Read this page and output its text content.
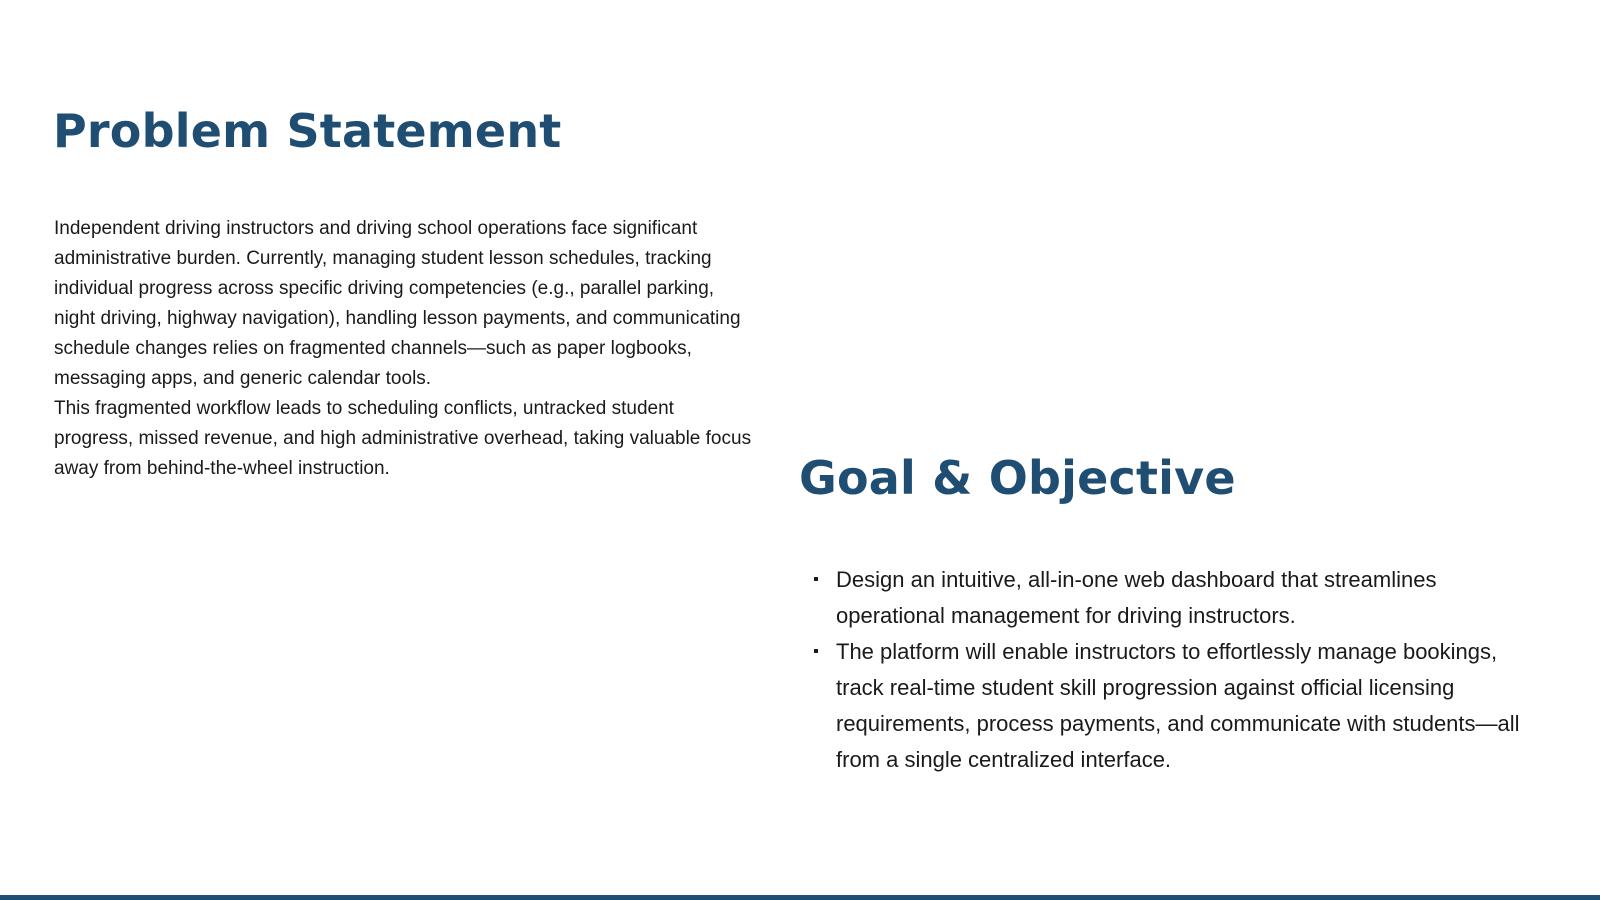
Problem Statement

Independent driving instructors and driving school operations face significant administrative burden. Currently, managing student lesson schedules, tracking individual progress across specific driving competencies (e.g., parallel parking, night driving, highway navigation), handling lesson payments, and communicating schedule changes relies on fragmented channels—such as paper logbooks, messaging apps, and generic calendar tools.

This fragmented workflow leads to scheduling conflicts, untracked student progress, missed revenue, and high administrative overhead, taking valuable focus away from behind-the-wheel instruction.	Goal & Objective
Design an intuitive, all-in-one web dashboard that streamlines operational management for driving instructors.
The platform will enable instructors to effortlessly manage bookings, track real-time student skill progression against official licensing requirements, process payments, and communicate with students—all from a single centralized interface.
